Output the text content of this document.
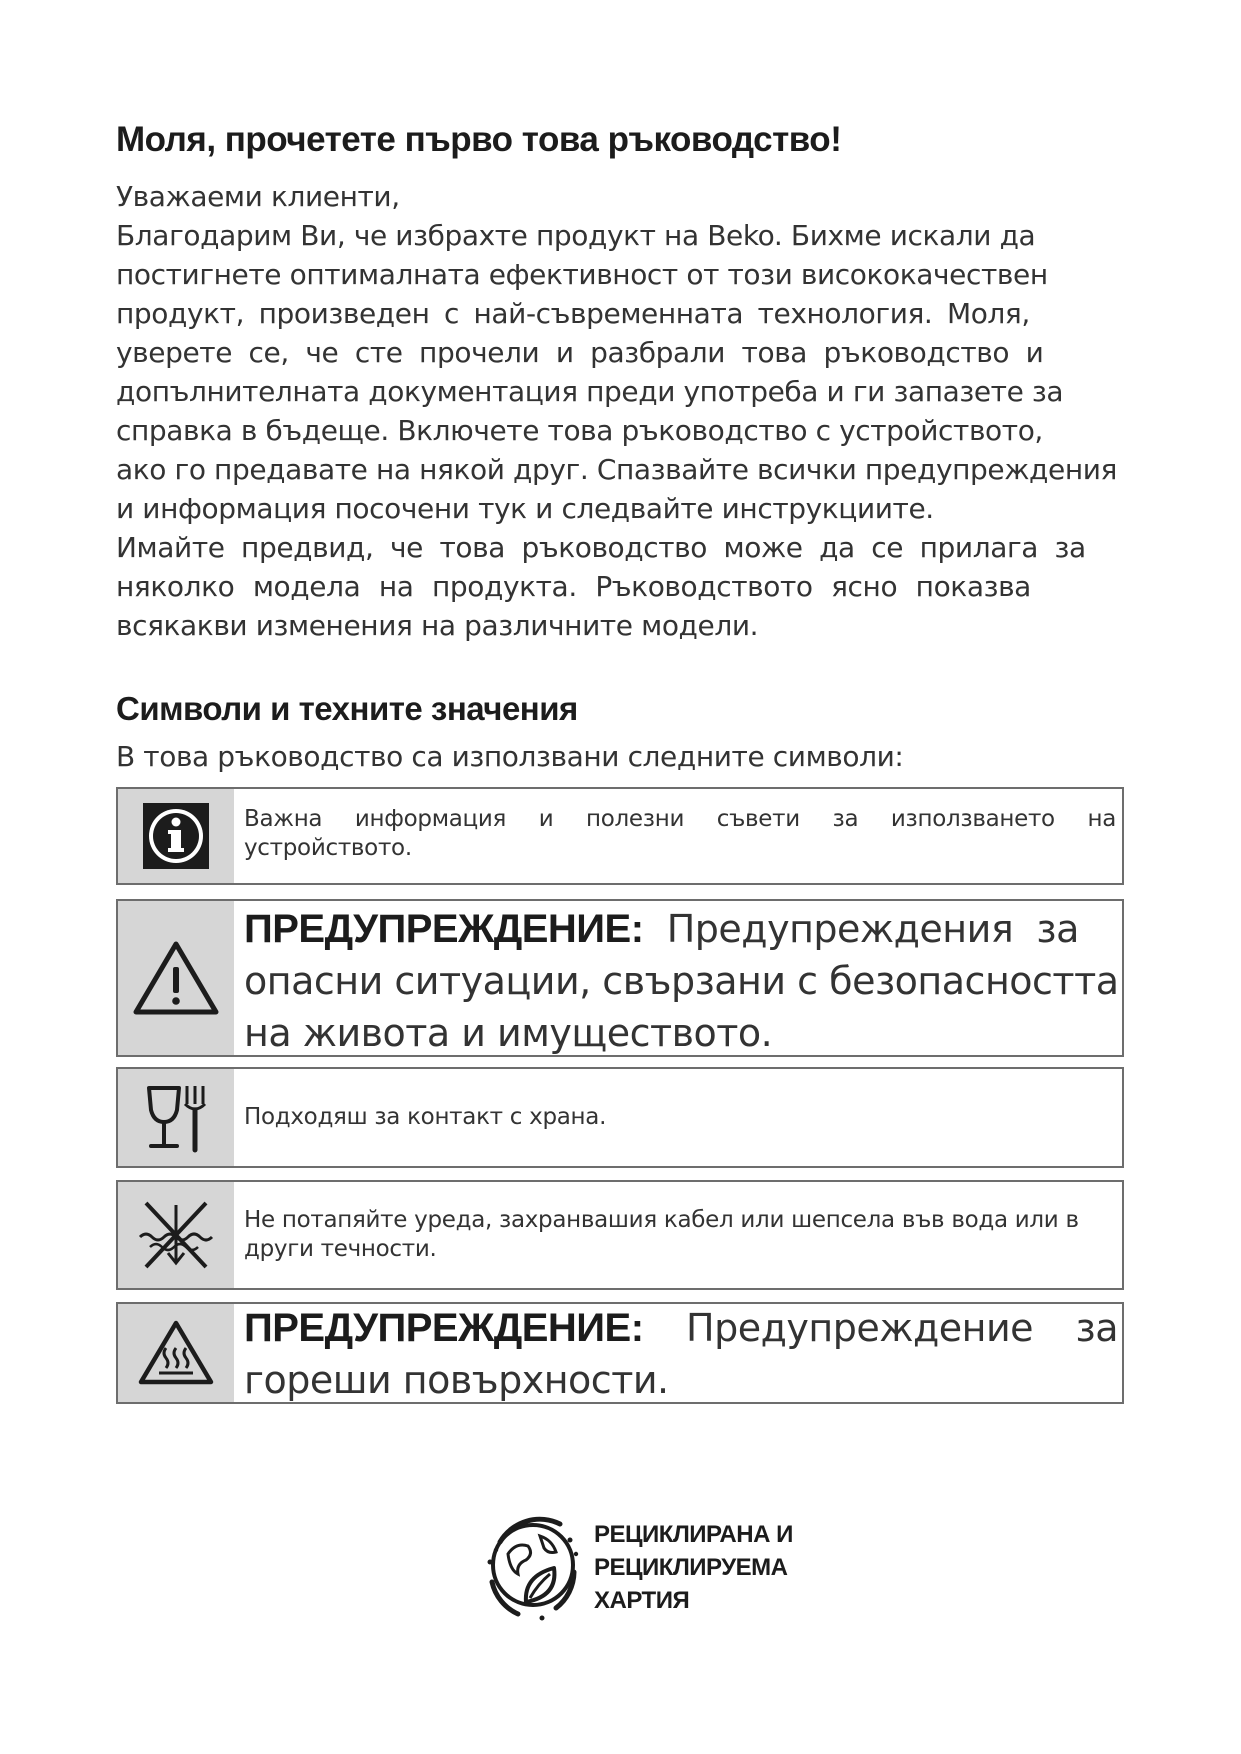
Моля, прочетете първо това ръководство!

Уважаеми клиенти,

Благодарим Ви, че избрахте продукт на Beko. Бихме искали да

постигнете оптималната ефективност от този висококачествен

продукт, произведен с най-съвременната технология. Моля,

уверете се, че сте прочели и разбрали това ръководство и

допълнителната документация преди употреба и ги запазете за

справка в бъдеще. Включете това ръководство с устройството,

ако го предавате на някой друг. Спазвайте всички предупреждения

и информация посочени тук и следвайте инструкциите.

Имайте предвид, че това ръководство може да се прилага за

няколко модела на продукта. Ръководството ясно показва

всякакви изменения на различните модели.

Символи и техните значения
В това ръководство са използвани следните символи:
Важна информация и полезни съвети за използването на устройството.
ПРЕДУПРЕЖДЕНИЕ:  Предупреждения  за
опасни ситуации, свързани с безопасността
на живота и имуществото.
Подходяш за контакт с храна.
Не потапяйте уреда, захранвашия кабел или шепсела във вода или в други течности.
ПРЕДУПРЕЖДЕНИЕ: Предупреждение за
гореши повърхности.
РЕЦИКЛИРАНА И
РЕЦИКЛИРУЕМА
ХАРТИЯ
